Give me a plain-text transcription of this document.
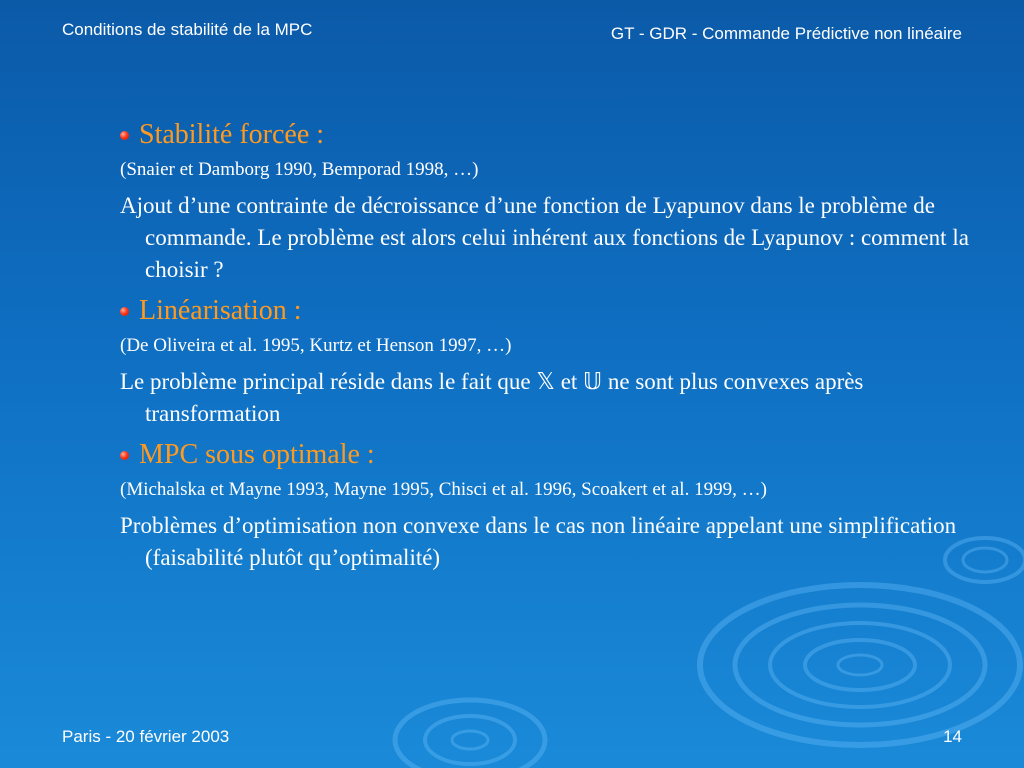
Conditions de stabilité de la MPC	GT - GDR - Commande Prédictive non linéaire
Stabilité forcée :
(Snaier et Damborg 1990, Bemporad 1998, …)
Ajout d’une contrainte de décroissance d’une fonction de Lyapunov dans le problème de commande. Le problème est alors celui inhérent aux fonctions de Lyapunov : comment la choisir ?
Linéarisation :
(De Oliveira et al. 1995, Kurtz et Henson 1997, …)
Le problème principal réside dans le fait que 𝕏 et 𝕌 ne sont plus convexes après transformation
MPC sous optimale :
(Michalska et Mayne 1993, Mayne 1995, Chisci et al. 1996, Scoakert et al. 1999, …)
Problèmes d’optimisation non convexe dans le cas non linéaire appelant une simplification (faisabilité plutôt qu’optimalité)
Paris - 20 février 2003	14
